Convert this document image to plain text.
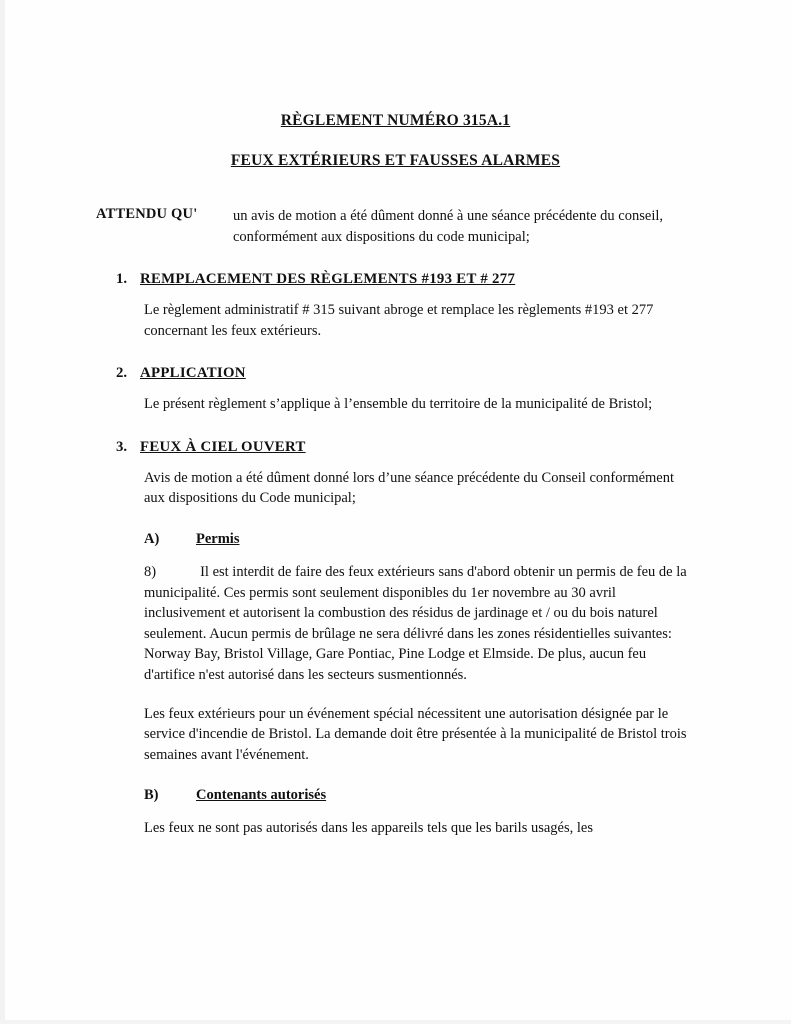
RÈGLEMENT NUMÉRO 315A.1
FEUX EXTÉRIEURS ET FAUSSES ALARMES
ATTENDU QU'	un avis de motion a été dûment donné à une séance précédente du conseil, conformément aux dispositions du code municipal;
1. REMPLACEMENT DES RÈGLEMENTS #193 ET # 277
Le règlement administratif # 315 suivant abroge et remplace les règlements #193 et 277 concernant les feux extérieurs.
2. APPLICATION
Le présent règlement s’applique à l’ensemble du territoire de la municipalité de Bristol;
3. FEUX À CIEL OUVERT
Avis de motion a été dûment donné lors d’une séance précédente du Conseil conformément aux dispositions du Code municipal;
A)	Permis
8)	Il est interdit de faire des feux extérieurs sans d'abord obtenir un permis de feu de la municipalité. Ces permis sont seulement disponibles du 1er novembre au 30 avril inclusivement et autorisent la combustion des résidus de jardinage et / ou du bois naturel seulement. Aucun permis de brûlage ne sera délivré dans les zones résidentielles suivantes: Norway Bay, Bristol Village, Gare Pontiac, Pine Lodge et Elmside. De plus, aucun feu d'artifice n'est autorisé dans les secteurs susmentionnés.
Les feux extérieurs pour un événement spécial nécessitent une autorisation désignée par le service d'incendie de Bristol. La demande doit être présentée à la municipalité de Bristol trois semaines avant l'événement.
B)	Contenants autorisés
Les feux ne sont pas autorisés dans les appareils tels que les barils usagés, les
